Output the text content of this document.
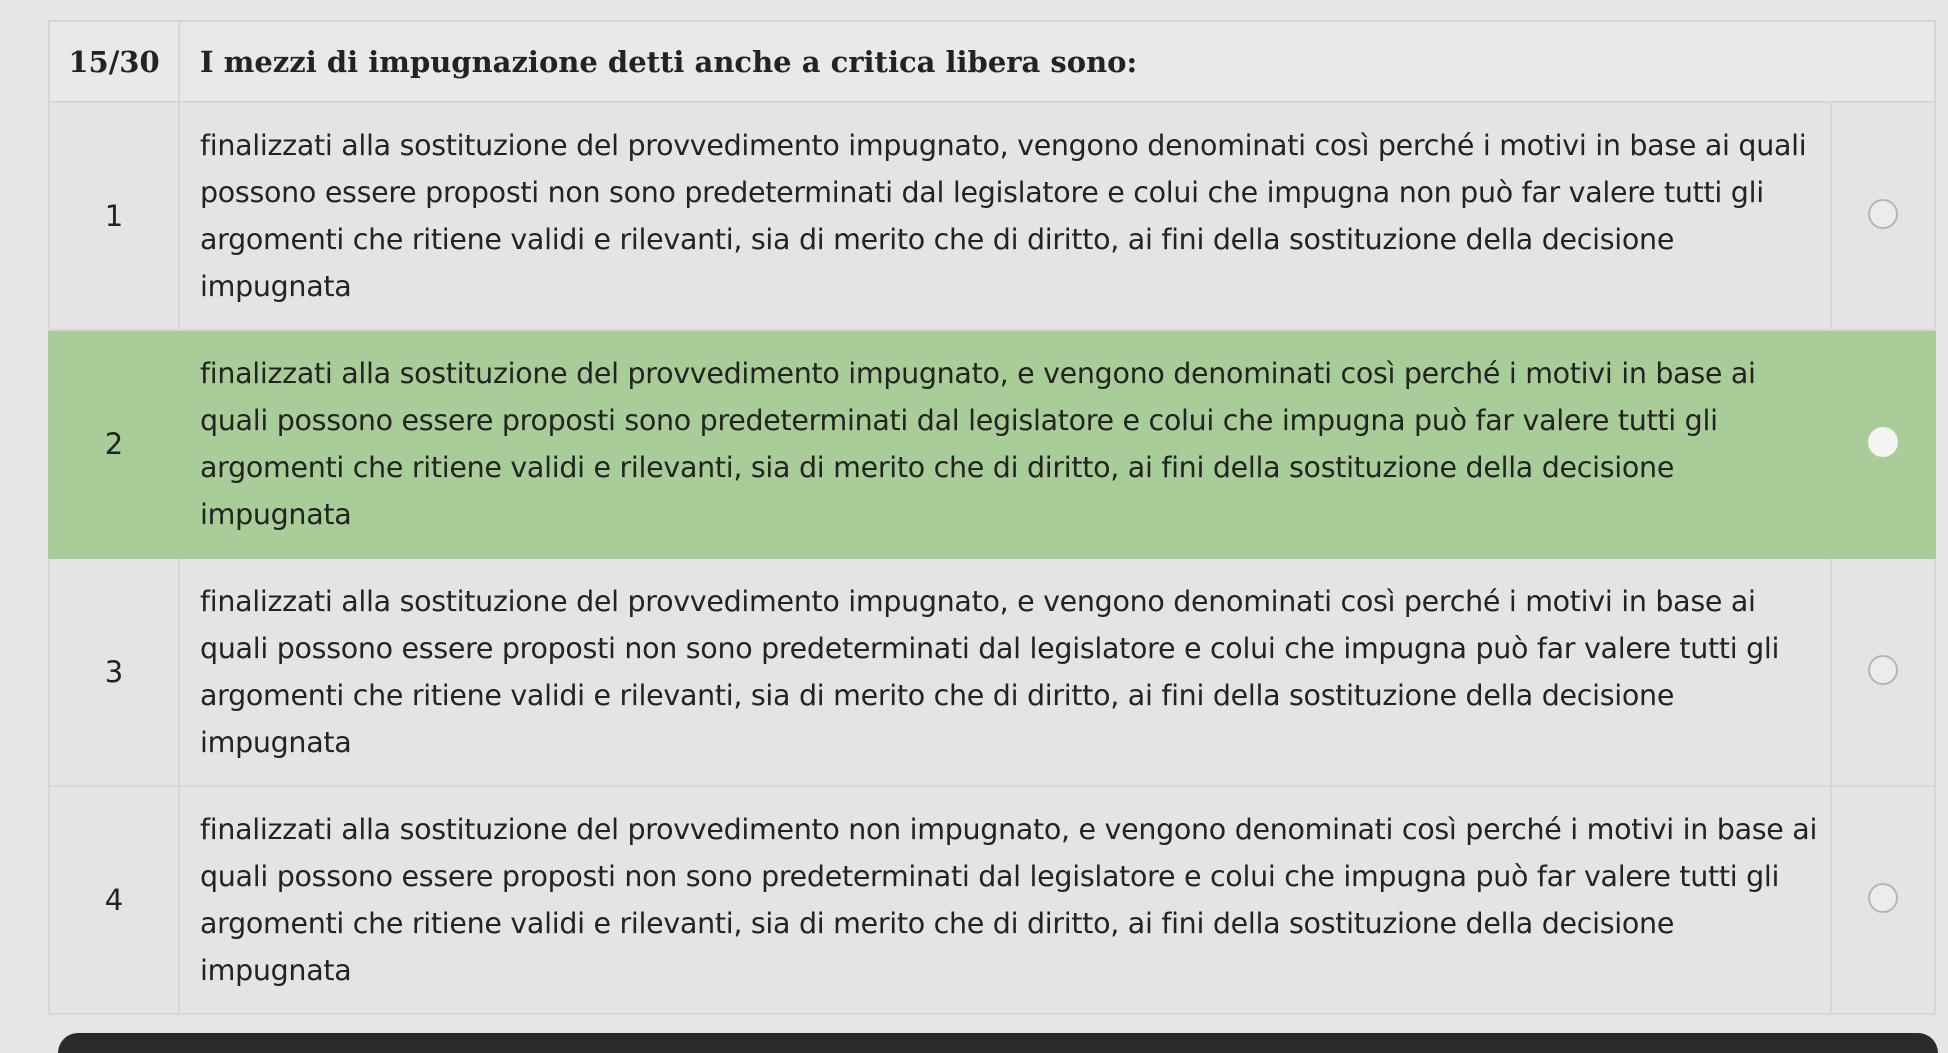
15/30	I mezzi di impugnazione detti anche a critica libera sono:	
1	finalizzati alla sostituzione del provvedimento impugnato, vengono denominati così perché i motivi in base ai quali possono essere proposti non sono predeterminati dal legislatore e colui che impugna non può far valere tutti gli argomenti che ritiene validi e rilevanti, sia di merito che di diritto, ai fini della sostituzione della decisione impugnata	
2	finalizzati alla sostituzione del provvedimento impugnato, e vengono denominati così perché i motivi in base ai quali possono essere proposti sono predeterminati dal legislatore e colui che impugna può far valere tutti gli argomenti che ritiene validi e rilevanti, sia di merito che di diritto, ai fini della sostituzione della decisione impugnata	
3	finalizzati alla sostituzione del provvedimento impugnato, e vengono denominati così perché i motivi in base ai quali possono essere proposti non sono predeterminati dal legislatore e colui che impugna può far valere tutti gli argomenti che ritiene validi e rilevanti, sia di merito che di diritto, ai fini della sostituzione della decisione impugnata	
4	finalizzati alla sostituzione del provvedimento non impugnato, e vengono denominati così perché i motivi in base ai quali possono essere proposti non sono predeterminati dal legislatore e colui che impugna può far valere tutti gli argomenti che ritiene validi e rilevanti, sia di merito che di diritto, ai fini della sostituzione della decisione impugnata	
